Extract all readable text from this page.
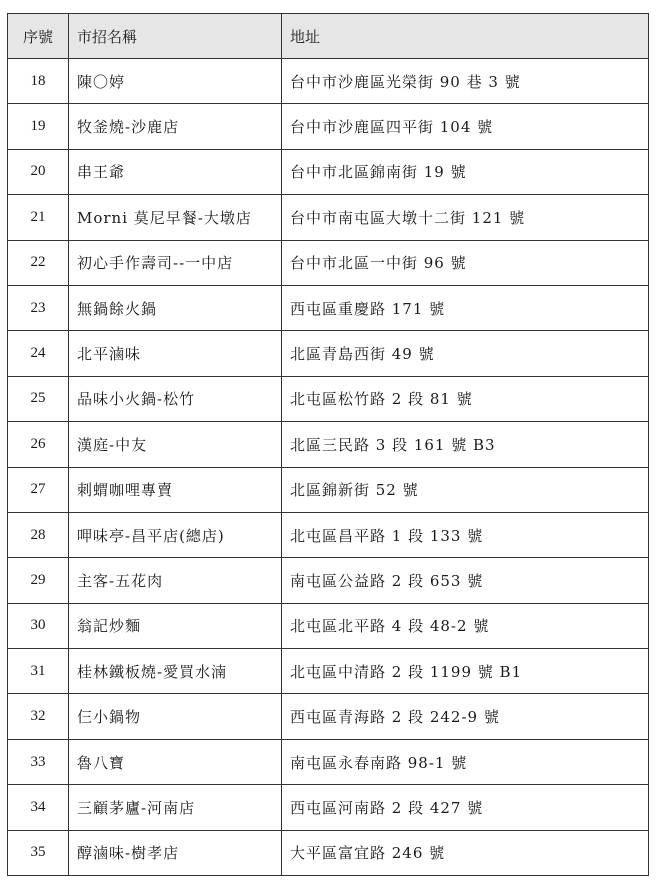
序號	市招名稱	地址
18	陳〇婷	台中市沙鹿區光榮街 90 巷 3 號
19	牧釜燒-沙鹿店	台中市沙鹿區四平街 104 號
20	串王爺	台中市北區錦南街 19 號
21	Morni 莫尼早餐-大墩店	台中市南屯區大墩十二街 121 號
22	初心手作壽司--一中店	台中市北區一中街 96 號
23	無鍋餘火鍋	西屯區重慶路 171 號
24	北平滷味	北區青島西街 49 號
25	品味小火鍋-松竹	北屯區松竹路 2 段 81 號
26	漢庭-中友	北區三民路 3 段 161 號 B3
27	刺蝟咖哩專賣	北區錦新街 52 號
28	呷味亭-昌平店(總店)	北屯區昌平路 1 段 133 號
29	主客-五花肉	南屯區公益路 2 段 653 號
30	翁記炒麵	北屯區北平路 4 段 48-2 號
31	桂林鐵板燒-愛買水湳	北屯區中清路 2 段 1199 號 B1
32	仨小鍋物	西屯區青海路 2 段 242-9 號
33	魯八寶	南屯區永春南路 98-1 號
34	三顧茅廬-河南店	西屯區河南路 2 段 427 號
35	醇滷味-樹孝店	大平區富宜路 246 號
